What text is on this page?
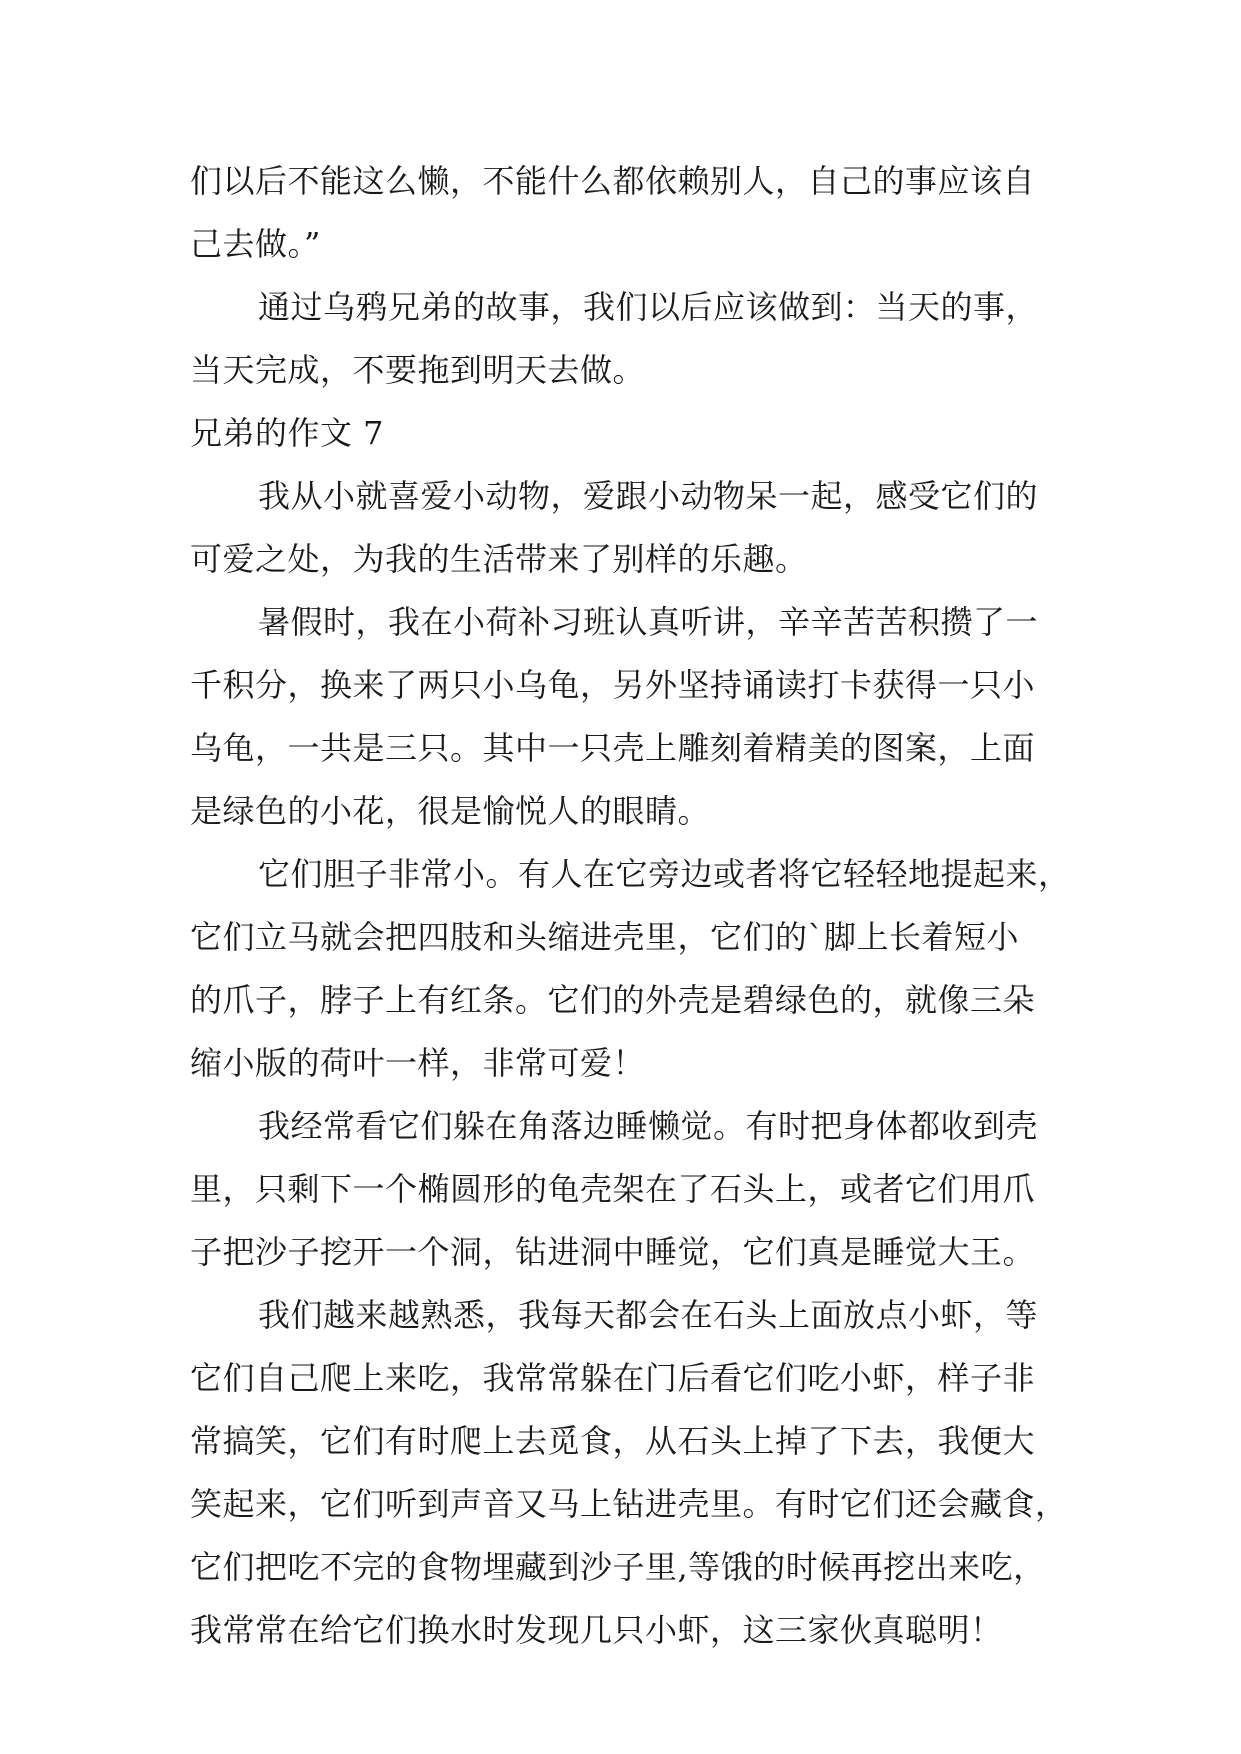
们以后不能这么懒，不能什么都依赖别人，自己的事应该自
己去做。”
通过乌鸦兄弟的故事，我们以后应该做到：当天的事，
当天完成，不要拖到明天去做。
兄弟的作文 7
我从小就喜爱小动物，爱跟小动物呆一起，感受它们的
可爱之处，为我的生活带来了别样的乐趣。
暑假时，我在小荷补习班认真听讲，辛辛苦苦积攒了一
千积分，换来了两只小乌龟，另外坚持诵读打卡获得一只小
乌龟，一共是三只。其中一只壳上雕刻着精美的图案，上面
是绿色的小花，很是愉悦人的眼睛。
它们胆子非常小。有人在它旁边或者将它轻轻地提起来，
它们立马就会把四肢和头缩进壳里，它们的`脚上长着短小
的爪子，脖子上有红条。它们的外壳是碧绿色的，就像三朵
缩小版的荷叶一样，非常可爱！
我经常看它们躲在角落边睡懒觉。有时把身体都收到壳
里，只剩下一个椭圆形的龟壳架在了石头上，或者它们用爪
子把沙子挖开一个洞，钻进洞中睡觉，它们真是睡觉大王。
我们越来越熟悉，我每天都会在石头上面放点小虾，等
它们自己爬上来吃，我常常躲在门后看它们吃小虾，样子非
常搞笑，它们有时爬上去觅食，从石头上掉了下去，我便大
笑起来，它们听到声音又马上钻进壳里。有时它们还会藏食，
它们把吃不完的食物埋藏到沙子里,等饿的时候再挖出来吃，
我常常在给它们换水时发现几只小虾，这三家伙真聪明！
